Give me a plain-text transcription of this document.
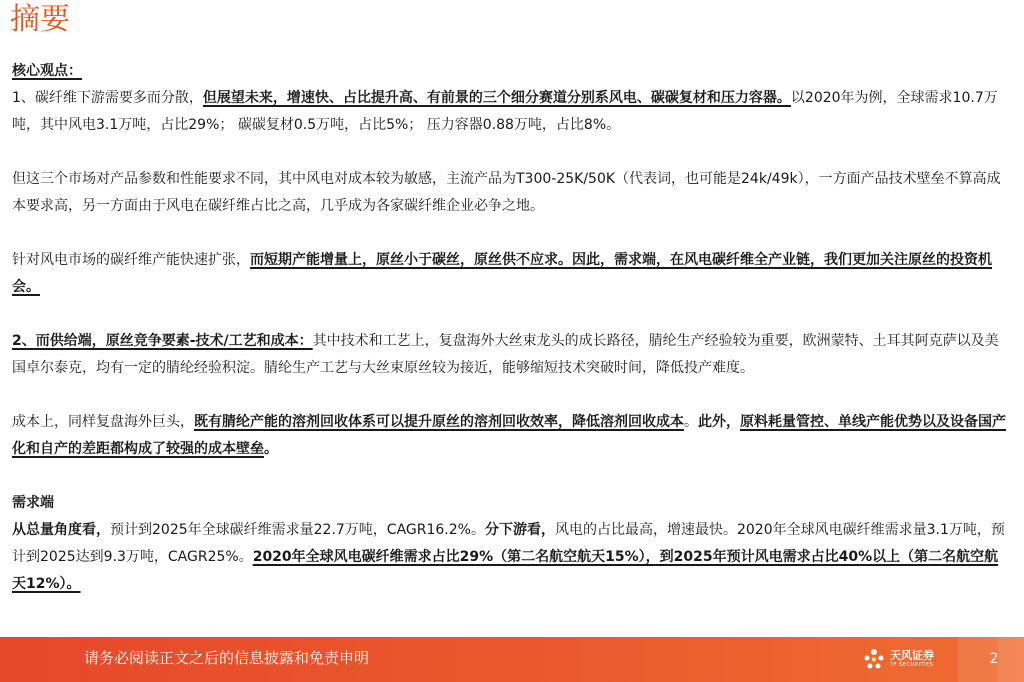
摘要

核心观点：

1、碳纤维下游需要多而分散，但展望未来，增速快、占比提升高、有前景的三个细分赛道分别系风电、碳碳复材和压力容器。以2020年为例，全球需求10.7万吨，其中风电3.1万吨，占比29%； 碳碳复材0.5万吨，占比5%； 压力容器0.88万吨，占比8%。

但这三个市场对产品参数和性能要求不同，其中风电对成本较为敏感，主流产品为T300-25K/50K（代表词，也可能是24k/49k），一方面产品技术壁垒不算高成本要求高，另一方面由于风电在碳纤维占比之高，几乎成为各家碳纤维企业必争之地。

针对风电市场的碳纤维产能快速扩张，而短期产能增量上，原丝小于碳丝，原丝供不应求。因此，需求端，在风电碳纤维全产业链，我们更加关注原丝的投资机会。

2、而供给端，原丝竞争要素-技术/工艺和成本：其中技术和工艺上，复盘海外大丝束龙头的成长路径，腈纶生产经验较为重要，欧洲蒙特、土耳其阿克萨以及美国卓尔泰克，均有一定的腈纶经验积淀。腈纶生产工艺与大丝束原丝较为接近，能够缩短技术突破时间，降低投产难度。

成本上，同样复盘海外巨头，既有腈纶产能的溶剂回收体系可以提升原丝的溶剂回收效率，降低溶剂回收成本。此外，原料耗量管控、单线产能优势以及设备国产化和自产的差距都构成了较强的成本壁垒。

需求端

从总量角度看，预计到2025年全球碳纤维需求量22.7万吨，CAGR16.2%。分下游看，风电的占比最高，增速最快。2020年全球风电碳纤维需求量3.1万吨，预计到2025达到9.3万吨，CAGR25%。2020年全球风电碳纤维需求占比29%（第二名航空航天15%），到2025年预计风电需求占比40%以上（第二名航空航天12%）。

请务必阅读正文之后的信息披露和免责申明	天风证券
TF SECURITIES	2
